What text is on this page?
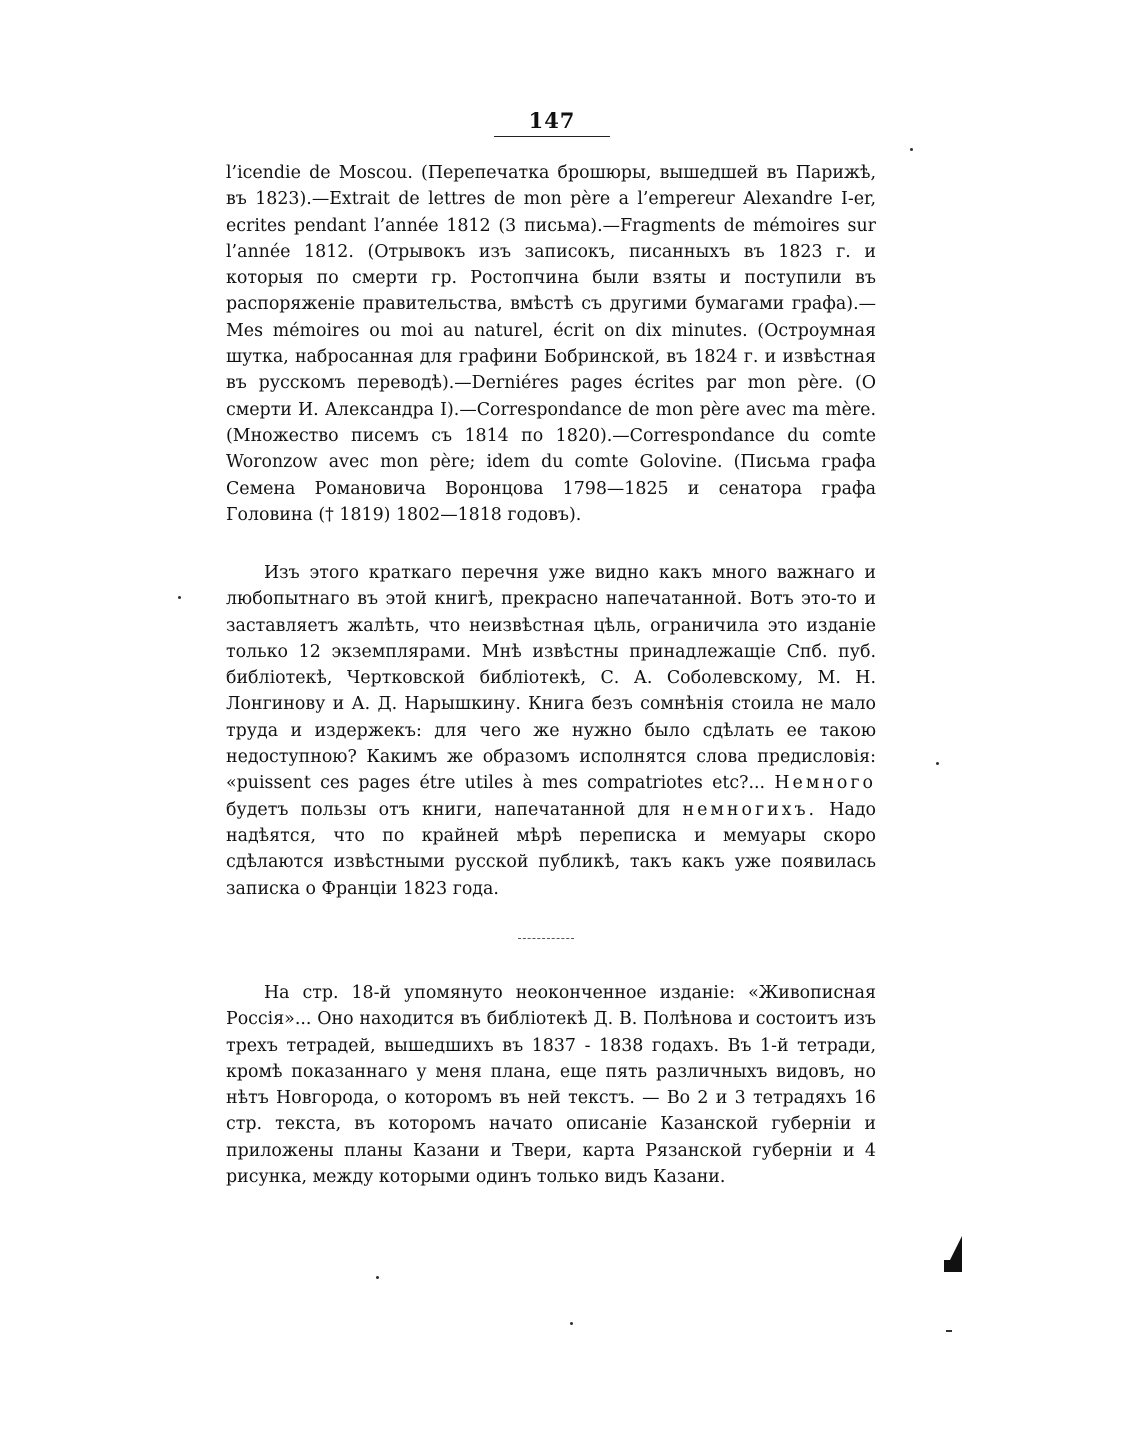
147

l’icendie de Moscou. (Перепечатка брошюры, вышедшей въ Парижѣ, въ 1823).—Extrait de lettres de mon père a l’empereur Alexandre I-er, ecrites pendant l’année 1812 (3 письма).—Fragments de mémoires sur l’année 1812. (Отрывокъ изъ записокъ, писанныхъ въ 1823 г. и которыя по смерти гр. Ростопчина были взяты и поступили въ распоряженіе правительства, вмѣстѣ съ другими бумагами графа).—Mes mémoires ou moi au naturel, écrit on dix minutes. (Остроумная шутка, набросанная для графини Бобринской, въ 1824 г. и извѣстная въ русскомъ переводѣ).—Derniéres pages écrites par mon père. (О смерти И. Александра I).—Correspondance de mon père avec ma mère. (Множество писемъ съ 1814 по 1820).—Correspondance du comte Woronzow avec mon père; idem du comte Golovine. (Письма графа Семена Романовича Воронцова 1798—1825 и сенатора графа Головина († 1819) 1802—1818 годовъ).

Изъ этого краткаго перечня уже видно какъ много важнаго и любопытнаго въ этой книгѣ, прекрасно напечатанной. Вотъ это-то и заставляетъ жалѣть, что неизвѣстная цѣль, ограничила это изданіе только 12 экземплярами. Мнѣ извѣстны принадлежащіе Спб. пуб. библіотекѣ, Чертковской библіотекѣ, С. А. Соболевскому, М. Н. Лонгинову и А. Д. Нарышкину. Книга безъ сомнѣнія стоила не мало труда и издержекъ: для чего же нужно было сдѣлать ее такою недоступною? Какимъ же образомъ исполнятся слова предисловія: «puissent ces pages étre utiles à mes compatriotes etc?... Немного будетъ пользы отъ книги, напечатанной для немногихъ. Надо надѣятся, что по крайней мѣрѣ переписка и мемуары скоро сдѣлаются извѣстными русской публикѣ, такъ какъ уже появилась записка о Франціи 1823 года.

На стр. 18-й упомянуто неоконченное изданіе: «Живописная Россія»... Оно находится въ библіотекѣ Д. В. Полѣнова и состоитъ изъ трехъ тетрадей, вышедшихъ въ 1837 - 1838 годахъ. Въ 1-й тетради, кромѣ показаннаго у меня плана, еще пять различныхъ видовъ, но нѣтъ Новгорода, о которомъ въ ней текстъ. — Во 2 и 3 тетрадяхъ 16 стр. текста, въ которомъ начато описаніе Казанской губерніи и приложены планы Казани и Твери, карта Рязанской губерніи и 4 рисунка, между которыми одинъ только видъ Казани.
